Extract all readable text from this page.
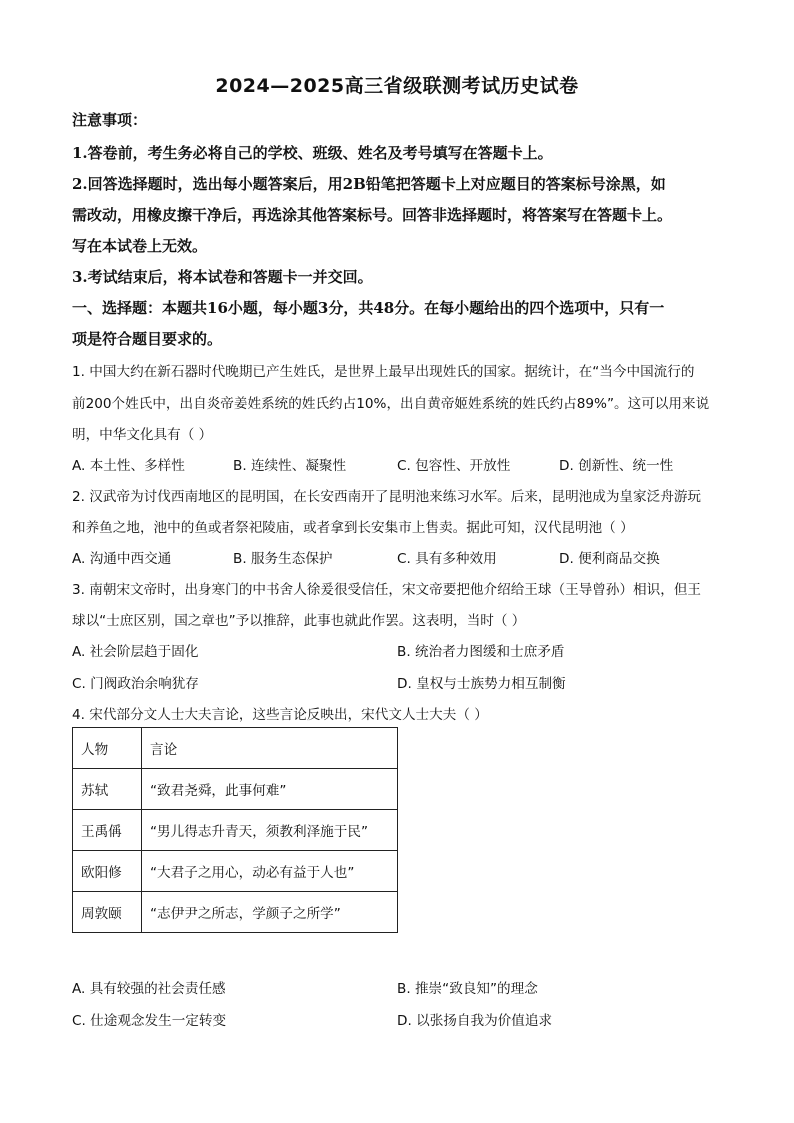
2024—2025高三省级联测考试历史试卷
注意事项：
1.答卷前，考生务必将自己的学校、班级、姓名及考号填写在答题卡上。
2.回答选择题时，选出每小题答案后，用2B铅笔把答题卡上对应题目的答案标号涂黑，如
需改动，用橡皮擦干净后，再选涂其他答案标号。回答非选择题时，将答案写在答题卡上。
写在本试卷上无效。
3.考试结束后，将本试卷和答题卡一并交回。
一、选择题：本题共16小题，每小题3分，共48分。在每小题给出的四个选项中，只有一
项是符合题目要求的。
1. 中国大约在新石器时代晚期已产生姓氏，是世界上最早出现姓氏的国家。据统计，在“当今中国流行的
前200个姓氏中，出自炎帝姜姓系统的姓氏约占10%，出自黄帝姬姓系统的姓氏约占89%”。这可以用来说
明，中华文化具有（ ）
A. 本土性、多样性	B. 连续性、凝聚性	C. 包容性、开放性	D. 创新性、统一性
2. 汉武帝为讨伐西南地区的昆明国，在长安西南开了昆明池来练习水军。后来，昆明池成为皇家泛舟游玩
和养鱼之地，池中的鱼或者祭祀陵庙，或者拿到长安集市上售卖。据此可知，汉代昆明池（ ）
A. 沟通中西交通	B. 服务生态保护	C. 具有多种效用	D. 便利商品交换
3. 南朝宋文帝时，出身寒门的中书舍人徐爰很受信任，宋文帝要把他介绍给王球（王导曾孙）相识，但王
球以“士庶区别，国之章也”予以推辞，此事也就此作罢。这表明，当时（ ）
A. 社会阶层趋于固化	B. 统治者力图缓和士庶矛盾
C. 门阀政治余响犹存	D. 皇权与士族势力相互制衡
4. 宋代部分文人士大夫言论，这些言论反映出，宋代文人士大夫（ ）
人物	言论
苏轼	“致君尧舜，此事何难”
王禹偁	“男儿得志升青天，须教利泽施于民”
欧阳修	“大君子之用心，动必有益于人也”
周敦颐	“志伊尹之所志，学颜子之所学”
A. 具有较强的社会责任感	B. 推崇“致良知”的理念
C. 仕途观念发生一定转变	D. 以张扬自我为价值追求
